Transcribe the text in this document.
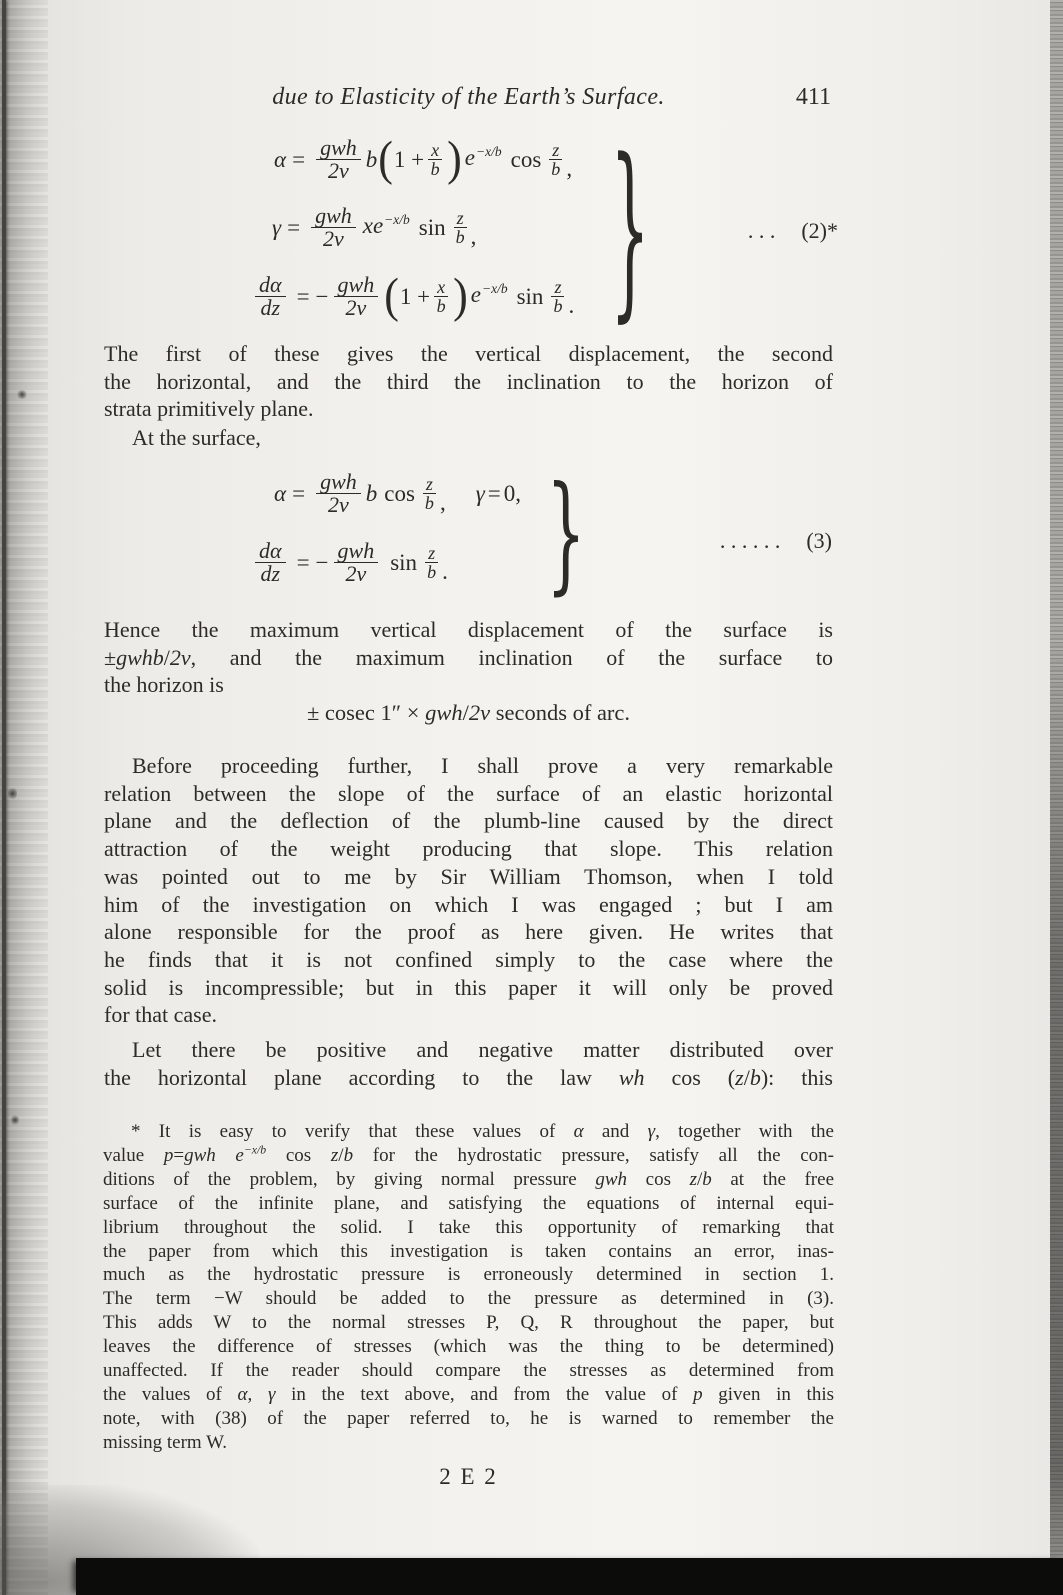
due to Elasticity of the Earth’s Surface.	411
$\alpha = \frac{\text{gwh}}{2v}$ b ( $1 + \frac{x}{b}$ ) $e^{-x/b}$ cos z
b ,
$\gamma = \frac{\text{gwh}}{2v} xe^{-x/b}$ sin z
b ,
$\frac{d\alpha}{dz}$ = − $\frac{\text{gwh}}{2v}$ ( $1 + \frac{x}{b}$ ) $e^{-x/b}$ sin z
b . }	. . . (2)*
The first of these gives the vertical displacement, the second
the horizontal, and the third the inclination to the horizon of
strata primitively plane.
At the surface,
$\alpha = \frac{\text{gwh}}{2v}$ b cos z
b , γ = 0,
$\frac{d\alpha}{dz}$ = − $\frac{\text{gwh}}{2v}$ sin z
b . }	. . . . . . (3)
Hence the maximum vertical displacement of the surface is
±gwhb/2v, and the maximum inclination of the surface to
the horizon is
± cosec 1″ × gwh/2v seconds of arc.
Before proceeding further, I shall prove a very remarkable
relation between the slope of the surface of an elastic horizontal
plane and the deflection of the plumb-line caused by the direct
attraction of the weight producing that slope. This relation
was pointed out to me by Sir William Thomson, when I told
him of the investigation on which I was engaged ; but I am
alone responsible for the proof as here given. He writes that
he finds that it is not confined simply to the case where the
solid is incompressible; but in this paper it will only be proved
for that case.
Let there be positive and negative matter distributed over
the horizontal plane according to the law wh cos (z/b): this
* It is easy to verify that these values of α and γ, together with the
value p=gwh $e^{-x/b}$ cos z/b for the hydrostatic pressure, satisfy all the con-
ditions of the problem, by giving normal pressure gwh cos z/b at the free
surface of the infinite plane, and satisfying the equations of internal equi-
librium throughout the solid. I take this opportunity of remarking that
the paper from which this investigation is taken contains an error, inas-
much as the hydrostatic pressure is erroneously determined in section 1.
The term −W should be added to the pressure as determined in (3).
This adds W to the normal stresses P, Q, R throughout the paper, but
leaves the difference of stresses (which was the thing to be determined)
unaffected. If the reader should compare the stresses as determined from
the values of α, γ in the text above, and from the value of p given in this
note, with (38) of the paper referred to, he is warned to remember the
missing term W.
2 E 2
